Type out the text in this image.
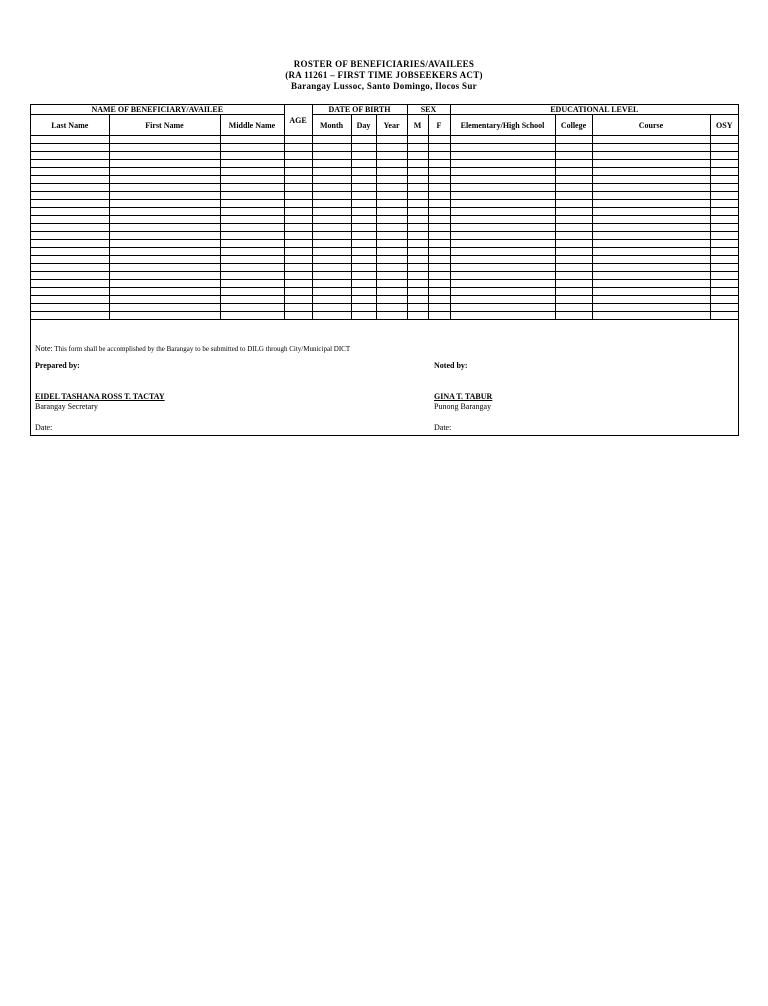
ROSTER OF BENEFICIARIES/AVAILEES
(RA 11261 – FIRST TIME JOBSEEKERS ACT)
Barangay Lussoc, Santo Domingo, Ilocos Sur
NAME OF BENEFICIARY/AVAILEE			AGE	DATE OF BIRTH			SEX		EDUCATIONAL LEVEL			
Last Name	First Name	Middle Name		Month	Day	Year	M	F	Elementary/High School	College	Course	OSY

Note: This form shall be accomplished by the Barangay to be submitted to DILG through City/Municipal DICT
Prepared by:	Noted by:
EIDEL TASHANA ROSS T. TACTAY
Barangay Secretary
GINA T. TABUR
Punong Barangay
Date:	Date:
